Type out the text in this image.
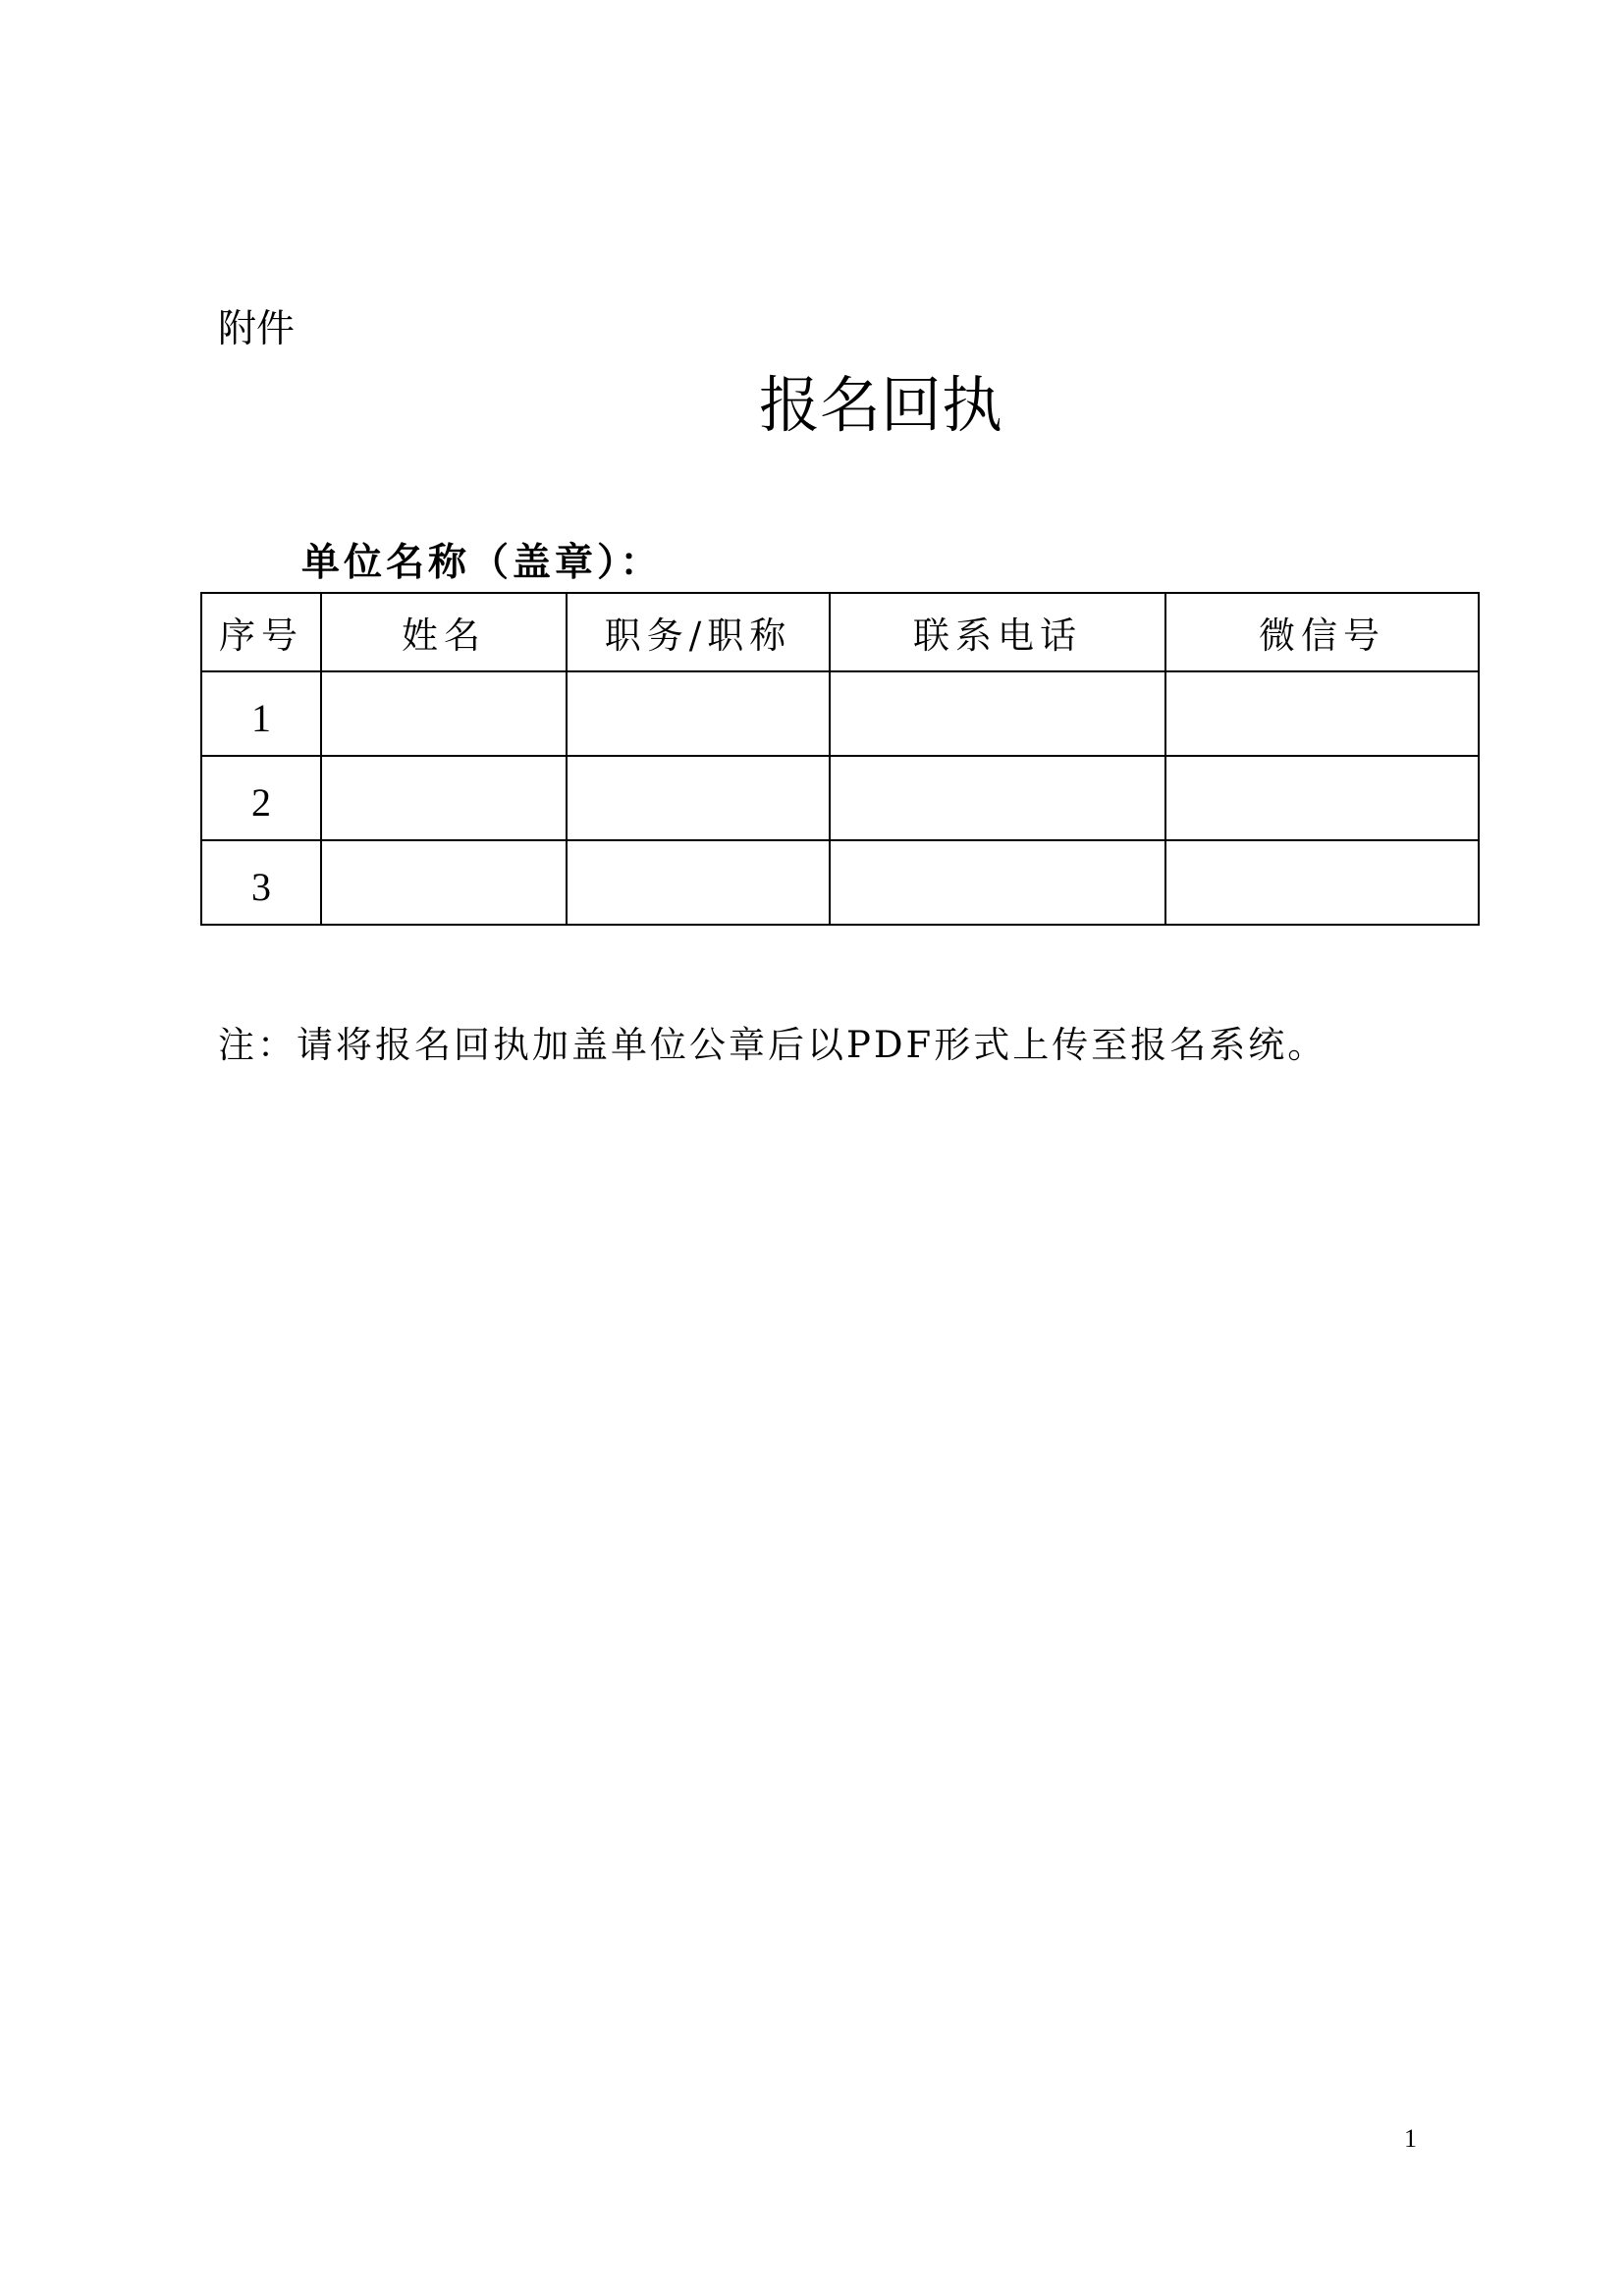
附件
报名回执
单位名称（盖章）：
序号	姓名	职务/职称	联系电话	微信号
1				
2				
3				
注：请将报名回执加盖单位公章后以PDF形式上传至报名系统。
1
